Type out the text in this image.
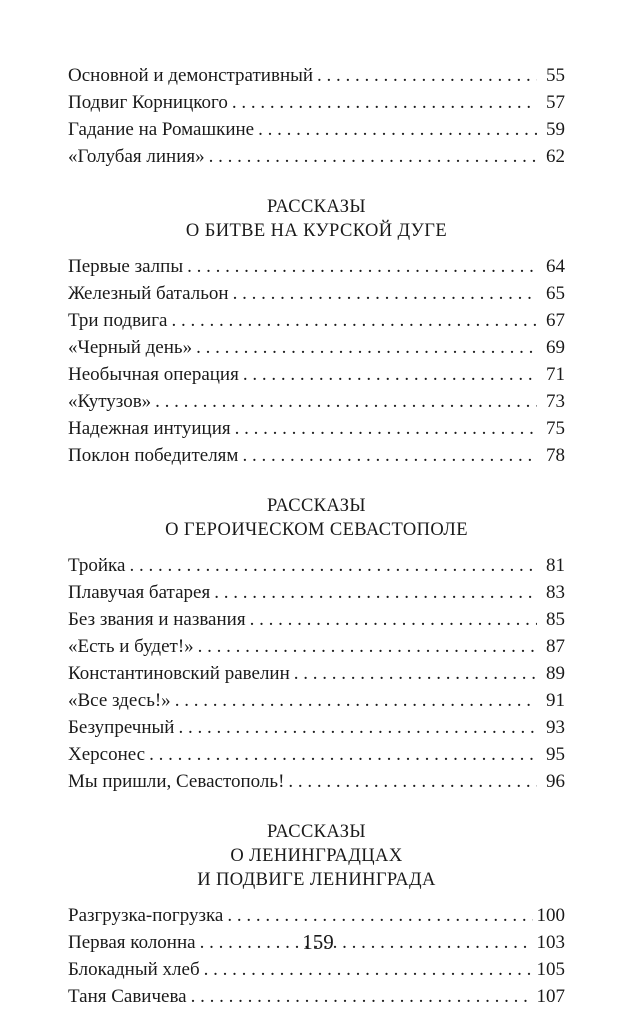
Основной и демонстративный . . .	55
Подвиг Корницкого . . .	57
Гадание на Ромашкине . . .	59
«Голубая линия» . . .	62
РАССКАЗЫ
О БИТВЕ НА КУРСКОЙ ДУГЕ
Первые залпы . . .	64
Железный батальон . . .	65
Три подвига . . .	67
«Черный день» . . .	69
Необычная операция . . .	71
«Кутузов» . . .	73
Надежная интуиция . . .	75
Поклон победителям . . .	78
РАССКАЗЫ
О ГЕРОИЧЕСКОМ СЕВАСТОПОЛЕ
Тройка . . .	81
Плавучая батарея . . .	83
Без звания и названия . . .	85
«Есть и будет!» . . .	87
Константиновский равелин . . .	89
«Все здесь!» . . .	91
Безупречный . . .	93
Херсонес . . .	95
Мы пришли, Севастополь! . . .	96
РАССКАЗЫ
О ЛЕНИНГРАДЦАХ
И ПОДВИГЕ ЛЕНИНГРАДА
Разгрузка-погрузка . . .	100
Первая колонна . . .	103
Блокадный хлеб . . .	105
Таня Савичева . . .	107
159
